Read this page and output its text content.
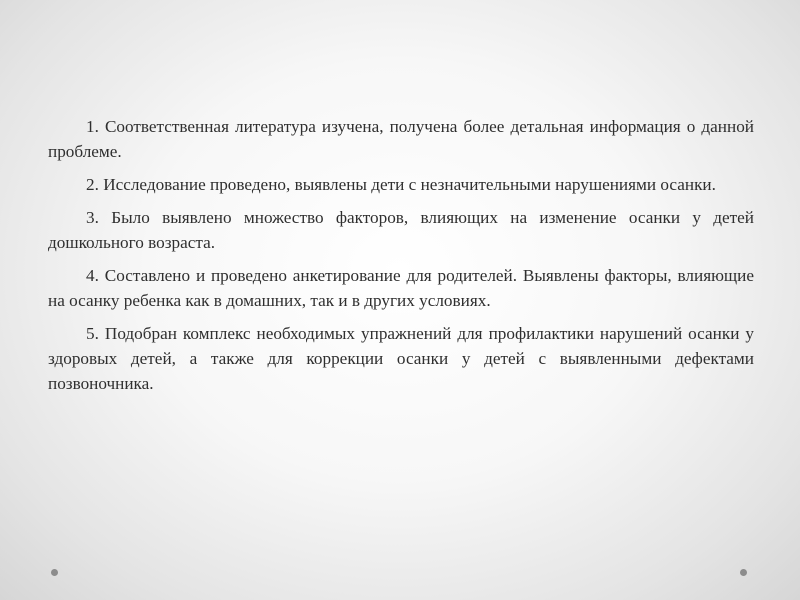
1. Соответственная литература изучена, получена более детальная информация о данной проблеме.

2. Исследование проведено, выявлены дети с незначительными нарушениями осанки.

3. Было выявлено множество факторов, влияющих на изменение осанки у детей дошкольного возраста.

4. Составлено и проведено анкетирование для родителей. Выявлены факторы, влияющие на осанку ребенка как в домашних, так и в других условиях.

5. Подобран комплекс необходимых упражнений для профилактики нарушений осанки у здоровых детей, а также для коррекции осанки у детей с выявленными дефектами позвоночника.
